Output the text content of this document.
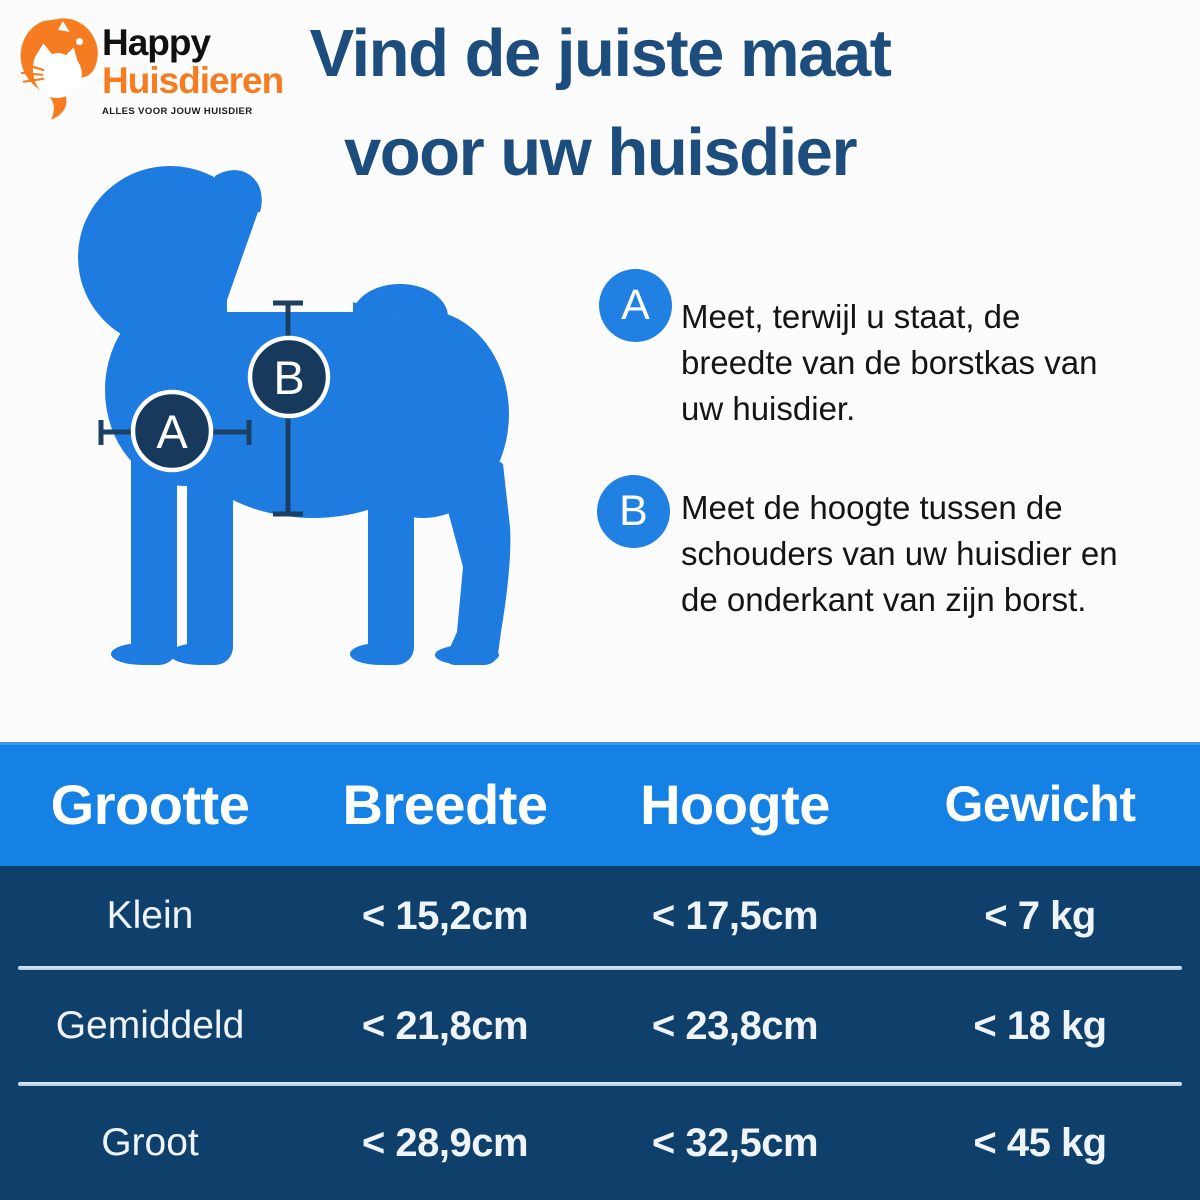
Happy
Huisdieren
ALLES VOOR JOUW HUISDIER
Vind de juiste maat
voor uw huisdier
A
B
A Meet, terwijl u staat, de
breedte van de borstkas van
uw huisdier.
B	Meet de hoogte tussen de
schouders van uw huisdier en
de onderkant van zijn borst.
Grootte	Breedte	Hoogte	Gewicht
Klein	< 15,2cm	< 17,5cm	< 7 kg
Gemiddeld	< 21,8cm	< 23,8cm	< 18 kg
Groot	< 28,9cm	< 32,5cm	< 45 kg
